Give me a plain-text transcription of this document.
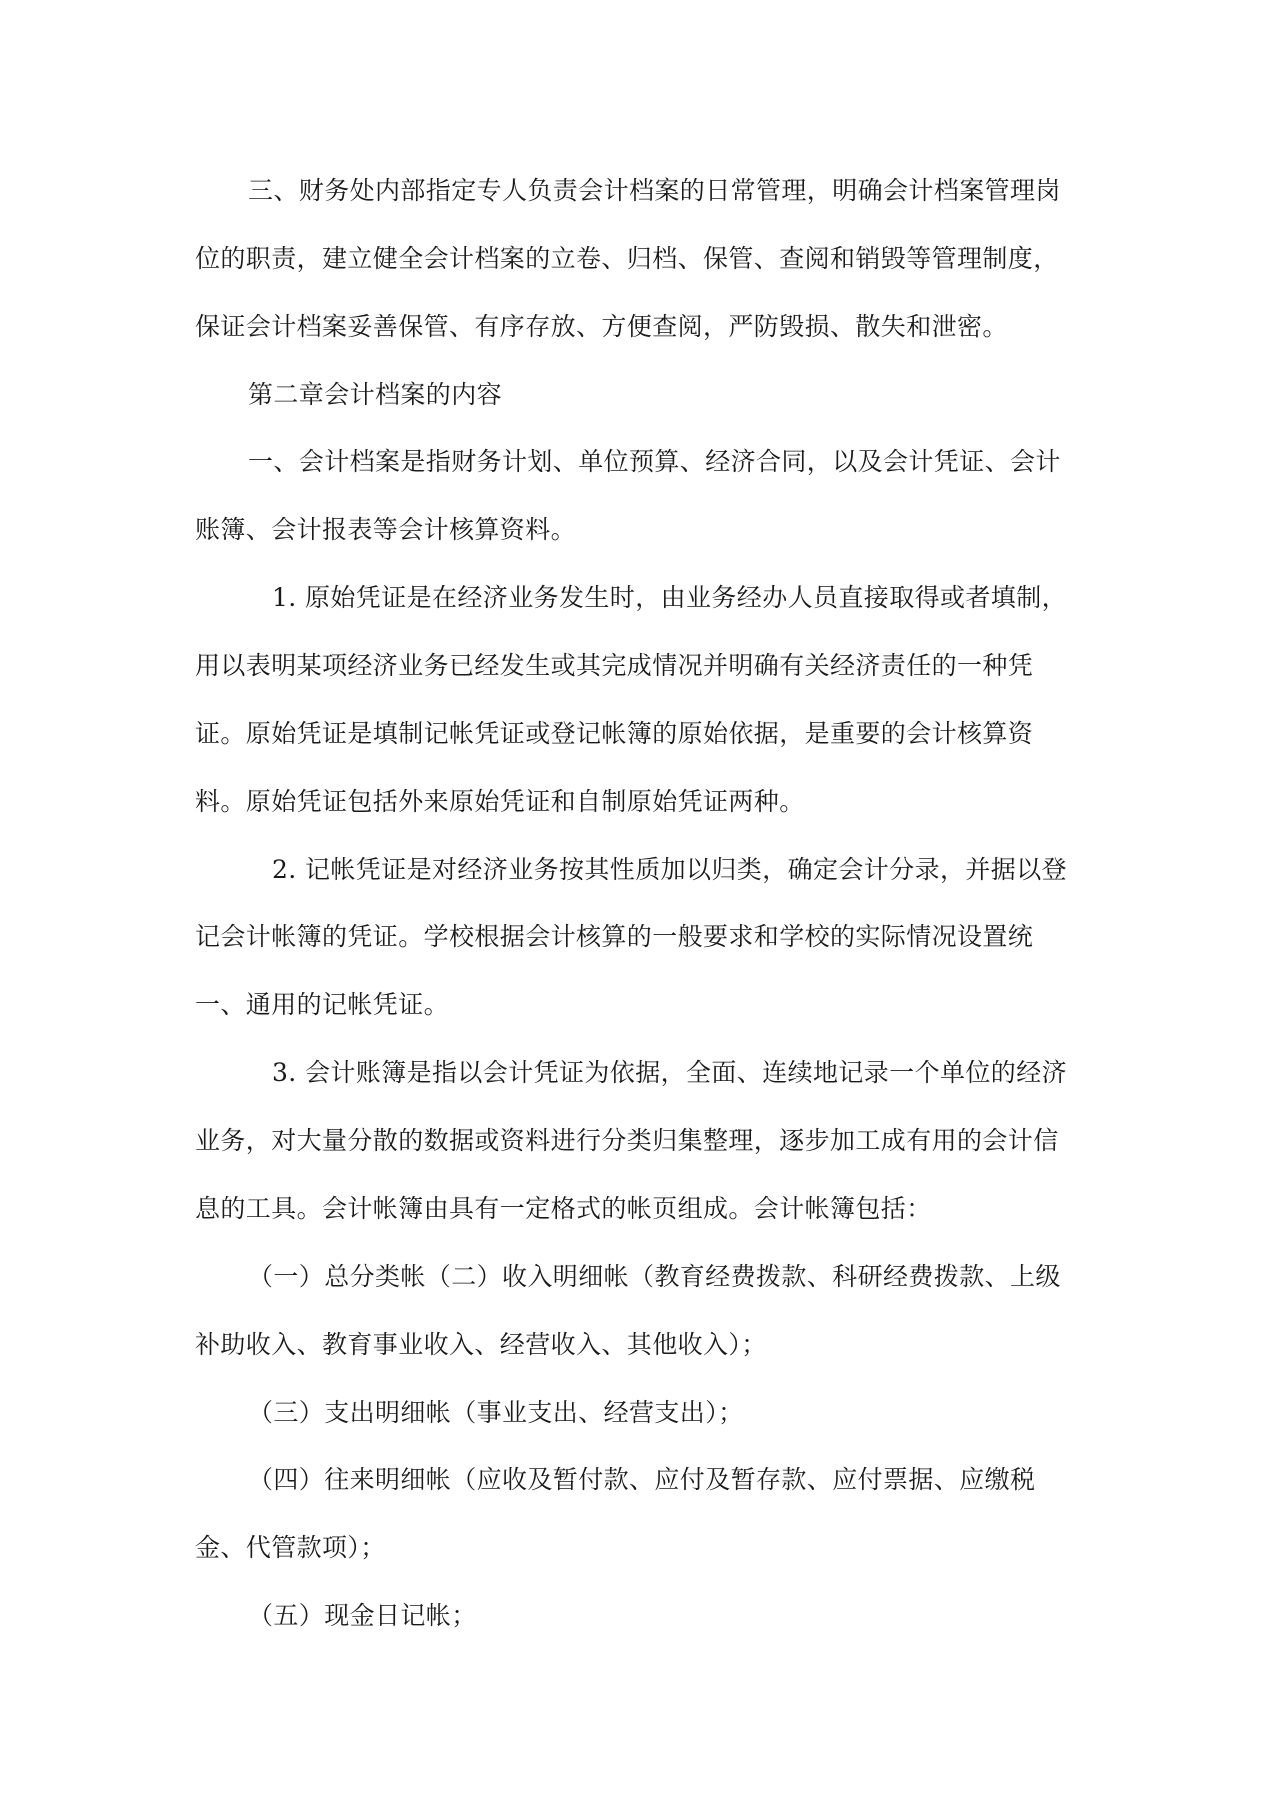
三、财务处内部指定专人负责会计档案的日常管理，明确会计档案管理岗
位的职责，建立健全会计档案的立卷、归档、保管、查阅和销毁等管理制度，
保证会计档案妥善保管、有序存放、方便查阅，严防毁损、散失和泄密。
第二章会计档案的内容
一、会计档案是指财务计划、单位预算、经济合同，以及会计凭证、会计
账簿、会计报表等会计核算资料。
1. 原始凭证是在经济业务发生时，由业务经办人员直接取得或者填制，
用以表明某项经济业务已经发生或其完成情况并明确有关经济责任的一种凭
证。原始凭证是填制记帐凭证或登记帐簿的原始依据，是重要的会计核算资
料。原始凭证包括外来原始凭证和自制原始凭证两种。
2. 记帐凭证是对经济业务按其性质加以归类，确定会计分录，并据以登
记会计帐簿的凭证。学校根据会计核算的一般要求和学校的实际情况设置统
一、通用的记帐凭证。
3. 会计账簿是指以会计凭证为依据，全面、连续地记录一个单位的经济
业务，对大量分散的数据或资料进行分类归集整理，逐步加工成有用的会计信
息的工具。会计帐簿由具有一定格式的帐页组成。会计帐簿包括：
（一）总分类帐（二）收入明细帐（教育经费拨款、科研经费拨款、上级
补助收入、教育事业收入、经营收入、其他收入）；
（三）支出明细帐（事业支出、经营支出）；
（四）往来明细帐（应收及暂付款、应付及暂存款、应付票据、应缴税
金、代管款项）；
（五）现金日记帐；
